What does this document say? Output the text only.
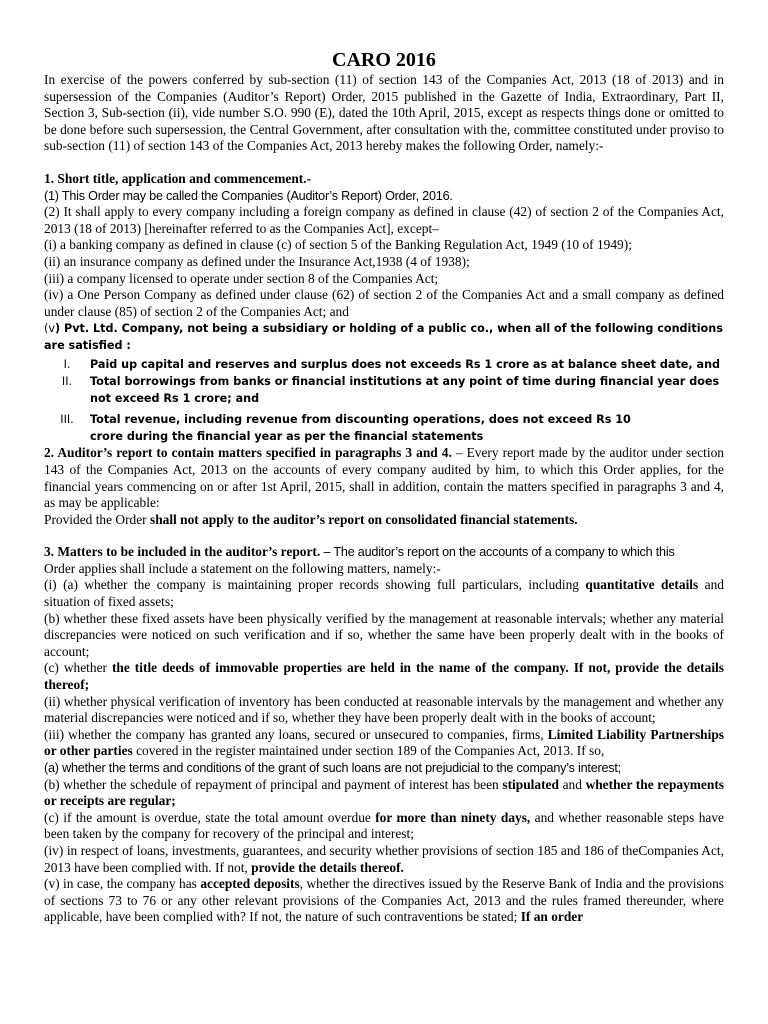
CARO 2016

In exercise of the powers conferred by sub-section (11) of section 143 of the Companies Act, 2013 (18 of 2013) and in supersession of the Companies (Auditor’s Report) Order, 2015 published in the Gazette of India, Extraordinary, Part II, Section 3, Sub-section (ii), vide number S.O. 990 (E), dated the 10th April, 2015, except as respects things done or omitted to be done before such supersession, the Central Government, after consultation with the, committee constituted under proviso to sub-section (11) of section 143 of the Companies Act, 2013 hereby makes the following Order, namely:-

1. Short title, application and commencement.-

(1) This Order may be called the Companies (Auditor’s Report) Order, 2016.

(2) It shall apply to every company including a foreign company as defined in clause (42) of section 2 of the Companies Act, 2013 (18 of 2013) [hereinafter referred to as the Companies Act], except–

(i) a banking company as defined in clause (c) of section 5 of the Banking Regulation Act, 1949 (10 of 1949);

(ii) an insurance company as defined under the Insurance Act,1938 (4 of 1938);

(iii) a company licensed to operate under section 8 of the Companies Act;

(iv) a One Person Company as defined under clause (62) of section 2 of the Companies Act and a small company as defined under clause (85) of section 2 of the Companies Act; and

(v) Pvt. Ltd. Company, not being a subsidiary or holding of a public co., when all of the following conditions are satisfied :

I.	Paid up capital and reserves and surplus does not exceeds Rs 1 crore as at balance sheet date, and
II.	Total borrowings from banks or financial institutions at any point of time during financial year does not exceed Rs 1 crore; and
III.	Total revenue, including revenue from discounting operations, does not exceed Rs 10 crore during the financial year as per the financial statements

2. Auditor’s report to contain matters specified in paragraphs 3 and 4. – Every report made by the auditor under section 143 of the Companies Act, 2013 on the accounts of every company audited by him, to which this Order applies, for the financial years commencing on or after 1st April, 2015, shall in addition, contain the matters specified in paragraphs 3 and 4, as may be applicable:

Provided the Order shall not apply to the auditor’s report on consolidated financial statements.

3. Matters to be included in the auditor’s report. – The auditor’s report on the accounts of a company to which this

Order applies shall include a statement on the following matters, namely:-

(i) (a) whether the company is maintaining proper records showing full particulars, including quantitative details and situation of fixed assets;

(b) whether these fixed assets have been physically verified by the management at reasonable intervals; whether any material discrepancies were noticed on such verification and if so, whether the same have been properly dealt with in the books of account;

(c) whether the title deeds of immovable properties are held in the name of the company. If not, provide the details thereof;

(ii) whether physical verification of inventory has been conducted at reasonable intervals by the management and whether any material discrepancies were noticed and if so, whether they have been properly dealt with in the books of account;

(iii) whether the company has granted any loans, secured or unsecured to companies, firms, Limited Liability Partnerships or other parties covered in the register maintained under section 189 of the Companies Act, 2013. If so,

(a) whether the terms and conditions of the grant of such loans are not prejudicial to the company’s interest;

(b) whether the schedule of repayment of principal and payment of interest has been stipulated and whether the repayments or receipts are regular;

(c) if the amount is overdue, state the total amount overdue for more than ninety days, and whether reasonable steps have been taken by the company for recovery of the principal and interest;

(iv) in respect of loans, investments, guarantees, and security whether provisions of section 185 and 186 of theCompanies Act, 2013 have been complied with. If not, provide the details thereof.

(v) in case, the company has accepted deposits, whether the directives issued by the Reserve Bank of India and the provisions of sections 73 to 76 or any other relevant provisions of the Companies Act, 2013 and the rules framed thereunder, where applicable, have been complied with? If not, the nature of such contraventions be stated; If an order
